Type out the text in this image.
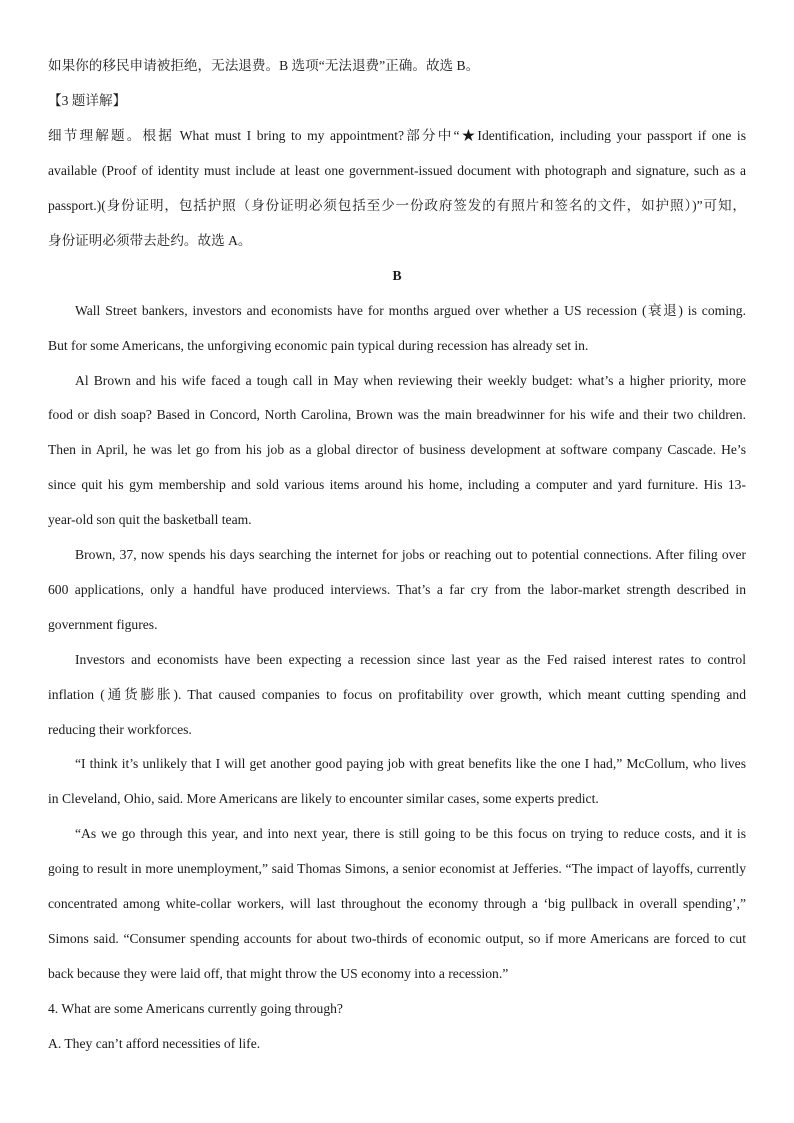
如果你的移民申请被拒绝，无法退费。B 选项“无法退费”正确。故选 B。
【3 题详解】
细节理解题。根据 What must I bring to my appointment?部分中“★Identification, including your passport if one is
available (Proof of identity must include at least one government-issued document with photograph and signature, such as a
passport.)(身份证明，包括护照（身份证明必须包括至少一份政府签发的有照片和签名的文件，如护照）)”可知，
身份证明必须带去赴约。故选 A。
Wall Street bankers, investors and economists have for months argued over whether a US recession (衰退) is coming.
But for some Americans, the unforgiving economic pain typical during recession has already set in.
Al Brown and his wife faced a tough call in May when reviewing their weekly budget: what’s a higher priority, more
food or dish soap? Based in Concord, North Carolina, Brown was the main breadwinner for his wife and their two children.
Then in April, he was let go from his job as a global director of business development at software company Cascade. He’s
since quit his gym membership and sold various items around his home, including a computer and yard furniture. His 13-
year-old son quit the basketball team.
Brown, 37, now spends his days searching the internet for jobs or reaching out to potential connections. After filing over
600 applications, only a handful have produced interviews. That’s a far cry from the labor-market strength described in
government figures.
Investors and economists have been expecting a recession since last year as the Fed raised interest rates to control
inflation (通货膨胀). That caused companies to focus on profitability over growth, which meant cutting spending and
reducing their workforces.
“I think it’s unlikely that I will get another good paying job with great benefits like the one I had,” McCollum, who lives
in Cleveland, Ohio, said. More Americans are likely to encounter similar cases, some experts predict.
“As we go through this year, and into next year, there is still going to be this focus on trying to reduce costs, and it is
going to result in more unemployment,” said Thomas Simons, a senior economist at Jefferies. “The impact of layoffs, currently
concentrated among white-collar workers, will last throughout the economy through a ‘big pullback in overall spending’,”
Simons said. “Consumer spending accounts for about two-thirds of economic output, so if more Americans are forced to cut
back because they were laid off, that might throw the US economy into a recession.”
4. What are some Americans currently going through?
A. They can’t afford necessities of life.
B
